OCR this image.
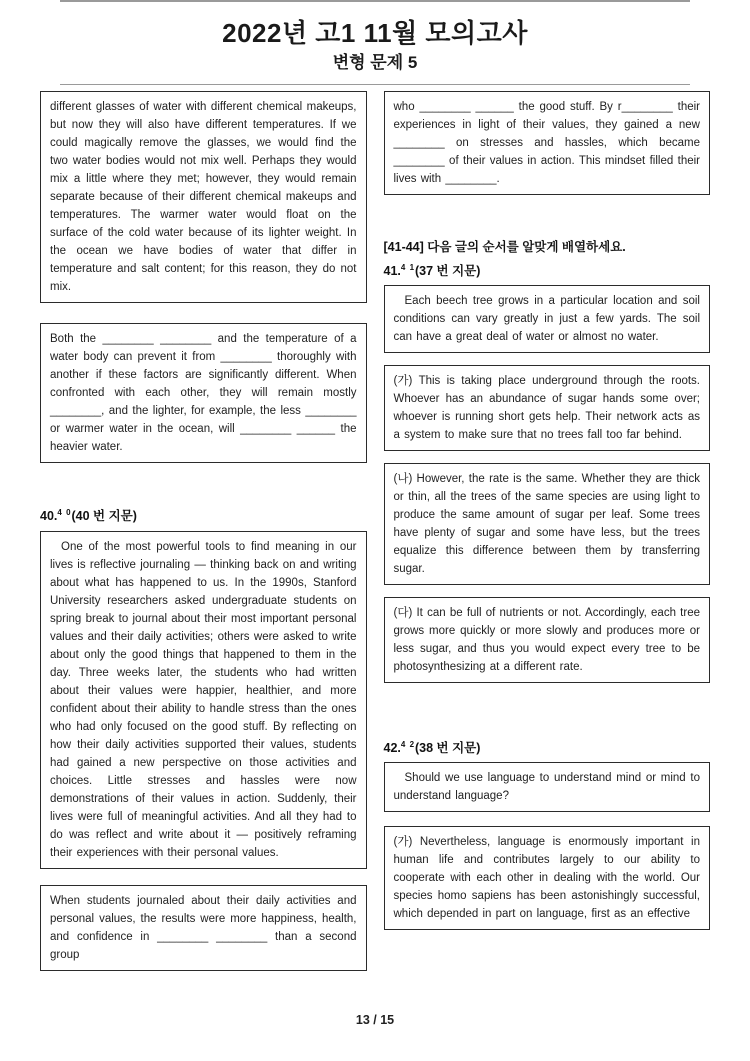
2022년 고1 11월 모의고사
변형 문제 5
different glasses of water with different chemical makeups, but now they will also have different temperatures. If we could magically remove the glasses, we would find the two water bodies would not mix well. Perhaps they would mix a little where they met; however, they would remain separate because of their different chemical makeups and temperatures. The warmer water would float on the surface of the cold water because of its lighter weight. In the ocean we have bodies of water that differ in temperature and salt content; for this reason, they do not mix.
Both the ________ ________ and the temperature of a water body can prevent it from ________ thoroughly with another if these factors are significantly different. When confronted with each other, they will remain mostly ________, and the lighter, for example, the less ________ or warmer water in the ocean, will ________ ______ the heavier water.
40.$^{4 0}$(40 번 지문)
One of the most powerful tools to find meaning in our lives is reflective journaling — thinking back on and writing about what has happened to us. In the 1990s, Stanford University researchers asked undergraduate students on spring break to journal about their most important personal values and their daily activities; others were asked to write about only the good things that happened to them in the day. Three weeks later, the students who had written about their values were happier, healthier, and more confident about their ability to handle stress than the ones who had only focused on the good stuff. By reflecting on how their daily activities supported their values, students had gained a new perspective on those activities and choices. Little stresses and hassles were now demonstrations of their values in action. Suddenly, their lives were full of meaningful activities. And all they had to do was reflect and write about it — positively reframing their experiences with their personal values.
When students journaled about their daily activities and personal values, the results were more happiness, health, and confidence in ________ ________ than a second group
who ________ ______ the good stuff. By r________ their experiences in light of their values, they gained a new ________ on stresses and hassles, which became ________ of their values in action. This mindset filled their lives with ________.
[41-44] 다음 글의 순서를 알맞게 배열하세요.
41.$^{4 1}$(37 번 지문)
Each beech tree grows in a particular location and soil conditions can vary greatly in just a few yards. The soil can have a great deal of water or almost no water.
(가) This is taking place underground through the roots. Whoever has an abundance of sugar hands some over; whoever is running short gets help. Their network acts as a system to make sure that no trees fall too far behind.
(나) However, the rate is the same. Whether they are thick or thin, all the trees of the same species are using light to produce the same amount of sugar per leaf. Some trees have plenty of sugar and some have less, but the trees equalize this difference between them by transferring sugar.
(다) It can be full of nutrients or not. Accordingly, each tree grows more quickly or more slowly and produces more or less sugar, and thus you would expect every tree to be photosynthesizing at a different rate.
42.$^{4 2}$(38 번 지문)
Should we use language to understand mind or mind to understand language?
(가) Nevertheless, language is enormously important in human life and contributes largely to our ability to cooperate with each other in dealing with the world. Our species homo sapiens has been astonishingly successful, which depended in part on language, first as an effective
13 / 15
